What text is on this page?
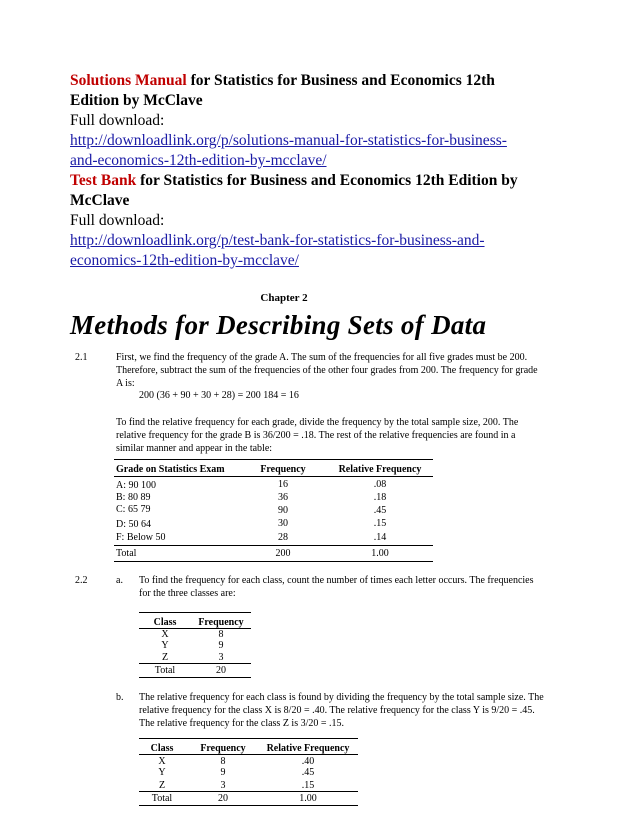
Solutions Manual for Statistics for Business and Economics 12th
Edition by McClave
Full download:
http://downloadlink.org/p/solutions-manual-for-statistics-for-business-
and-economics-12th-edition-by-mcclave/
Test Bank for Statistics for Business and Economics 12th Edition by
McClave
Full download:
http://downloadlink.org/p/test-bank-for-statistics-for-business-and-
economics-12th-edition-by-mcclave/
Chapter 2
Methods for Describing Sets of Data
2.1	First, we find the frequency of the grade A. The sum of the frequencies for all five grades must be 200.
Therefore, subtract the sum of the frequencies of the other four grades from 200. The frequency for grade
A is:
200 (36 + 90 + 30 + 28) = 200 184 = 16
To find the relative frequency for each grade, divide the frequency by the total sample size, 200. The
relative frequency for the grade B is 36/200 = .18. The rest of the relative frequencies are found in a
similar manner and appear in the table:
Grade on Statistics Exam	Frequency	Relative Frequency
A: 90 100	16	.08
B: 80 89	36	.18
C: 65 79	90	.45
D: 50 64	30	.15
F: Below 50	28	.14
Total	200	1.00
2.2	a. To find the frequency for each class, count the number of times each letter occurs. The frequencies
for the three classes are:
Class	Frequency
X	8
Y	9
Z	3
Total	20
b. The relative frequency for each class is found by dividing the frequency by the total sample size. The
relative frequency for the class X is 8/20 = .40. The relative frequency for the class Y is 9/20 = .45.
The relative frequency for the class Z is 3/20 = .15.
Class	Frequency	Relative Frequency
X	8	.40
Y	9	.45
Z	3	.15
Total	20	1.00
